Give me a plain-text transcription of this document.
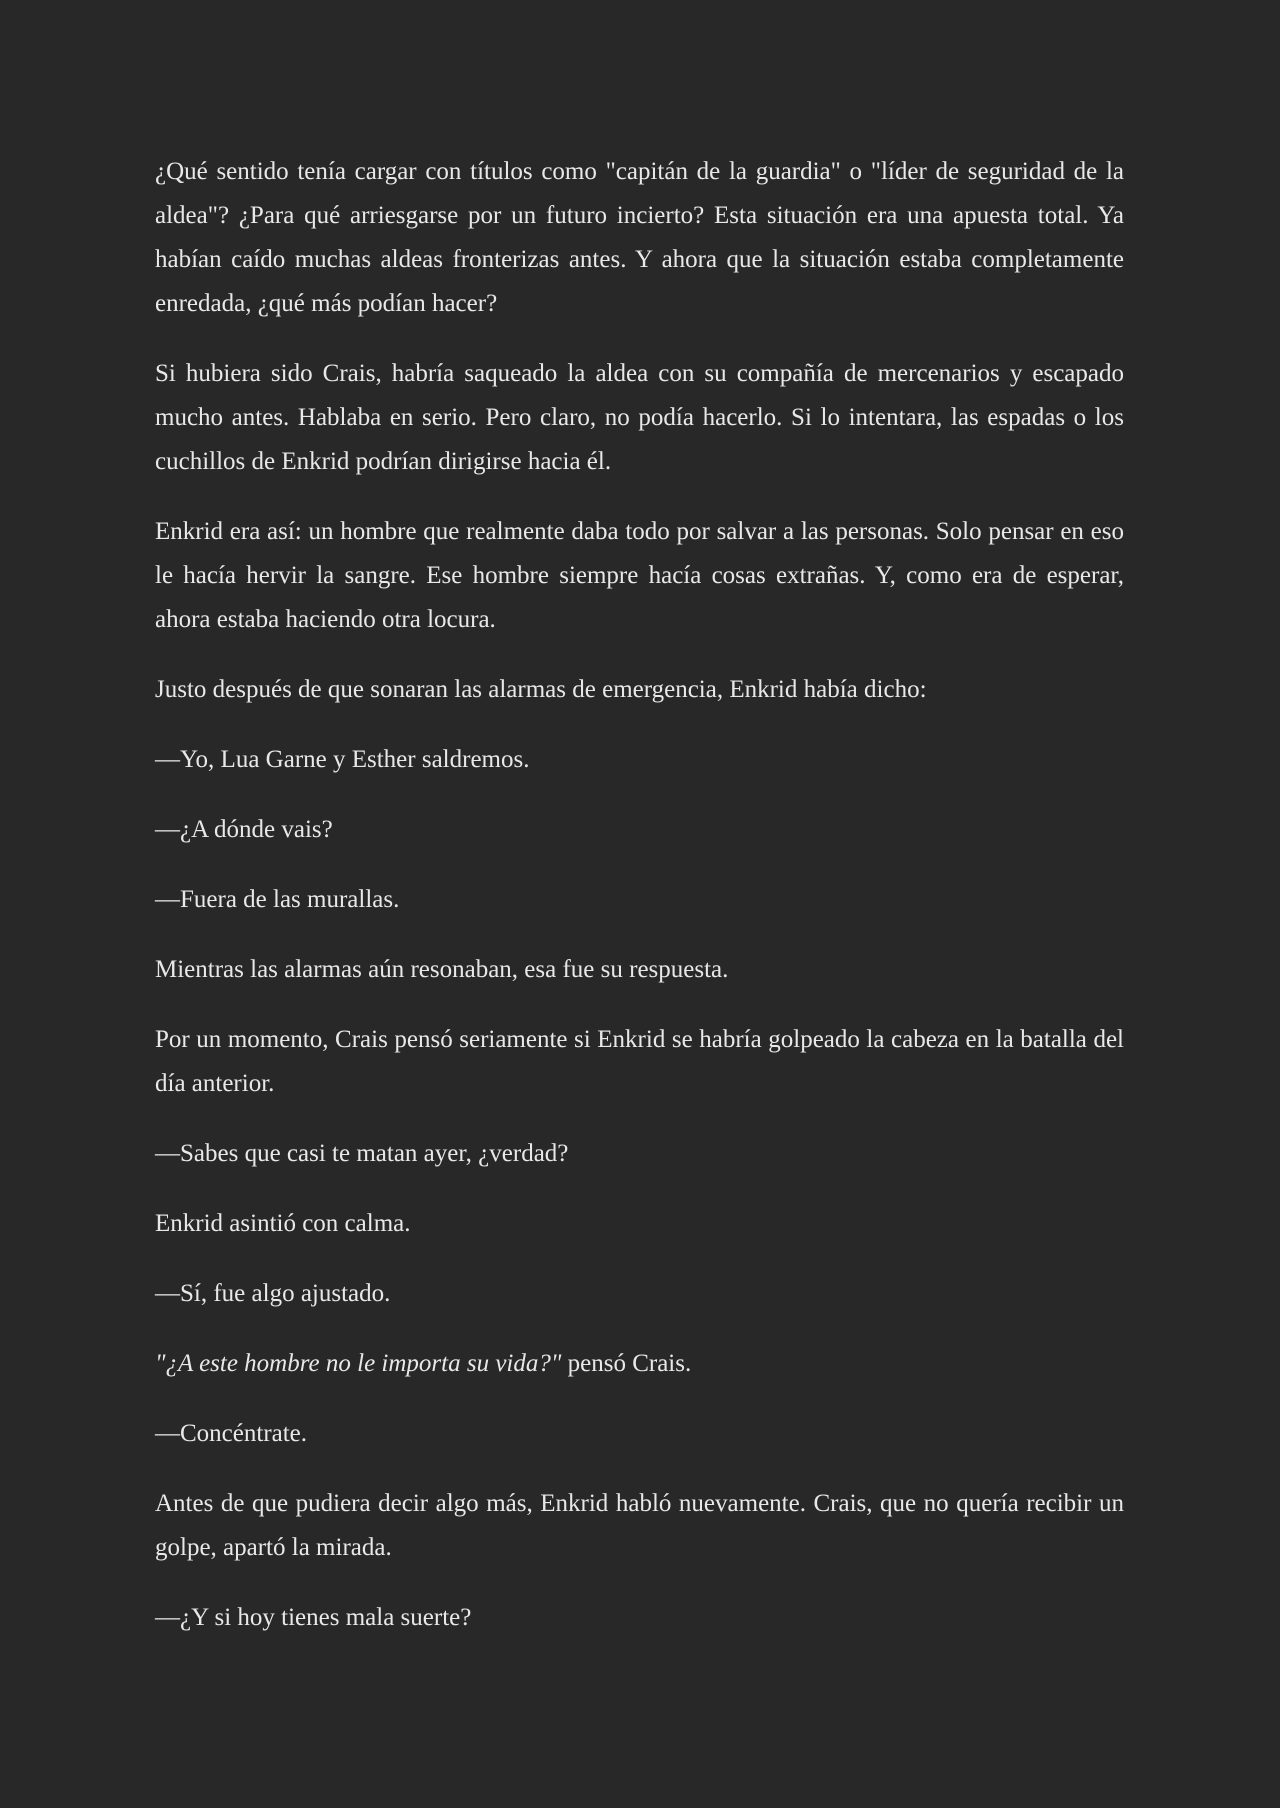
¿Qué sentido tenía cargar con títulos como "capitán de la guardia" o "líder de seguridad de la aldea"? ¿Para qué arriesgarse por un futuro incierto? Esta situación era una apuesta total. Ya habían caído muchas aldeas fronterizas antes. Y ahora que la situación estaba completamente enredada, ¿qué más podían hacer?

Si hubiera sido Crais, habría saqueado la aldea con su compañía de mercenarios y escapado mucho antes. Hablaba en serio. Pero claro, no podía hacerlo. Si lo intentara, las espadas o los cuchillos de Enkrid podrían dirigirse hacia él.

Enkrid era así: un hombre que realmente daba todo por salvar a las personas. Solo pensar en eso le hacía hervir la sangre. Ese hombre siempre hacía cosas extrañas. Y, como era de esperar, ahora estaba haciendo otra locura.

Justo después de que sonaran las alarmas de emergencia, Enkrid había dicho:

—Yo, Lua Garne y Esther saldremos.

—¿A dónde vais?

—Fuera de las murallas.

Mientras las alarmas aún resonaban, esa fue su respuesta.

Por un momento, Crais pensó seriamente si Enkrid se habría golpeado la cabeza en la batalla del día anterior.

—Sabes que casi te matan ayer, ¿verdad?

Enkrid asintió con calma.

—Sí, fue algo ajustado.

"¿A este hombre no le importa su vida?" pensó Crais.

—Concéntrate.

Antes de que pudiera decir algo más, Enkrid habló nuevamente. Crais, que no quería recibir un golpe, apartó la mirada.

—¿Y si hoy tienes mala suerte?
